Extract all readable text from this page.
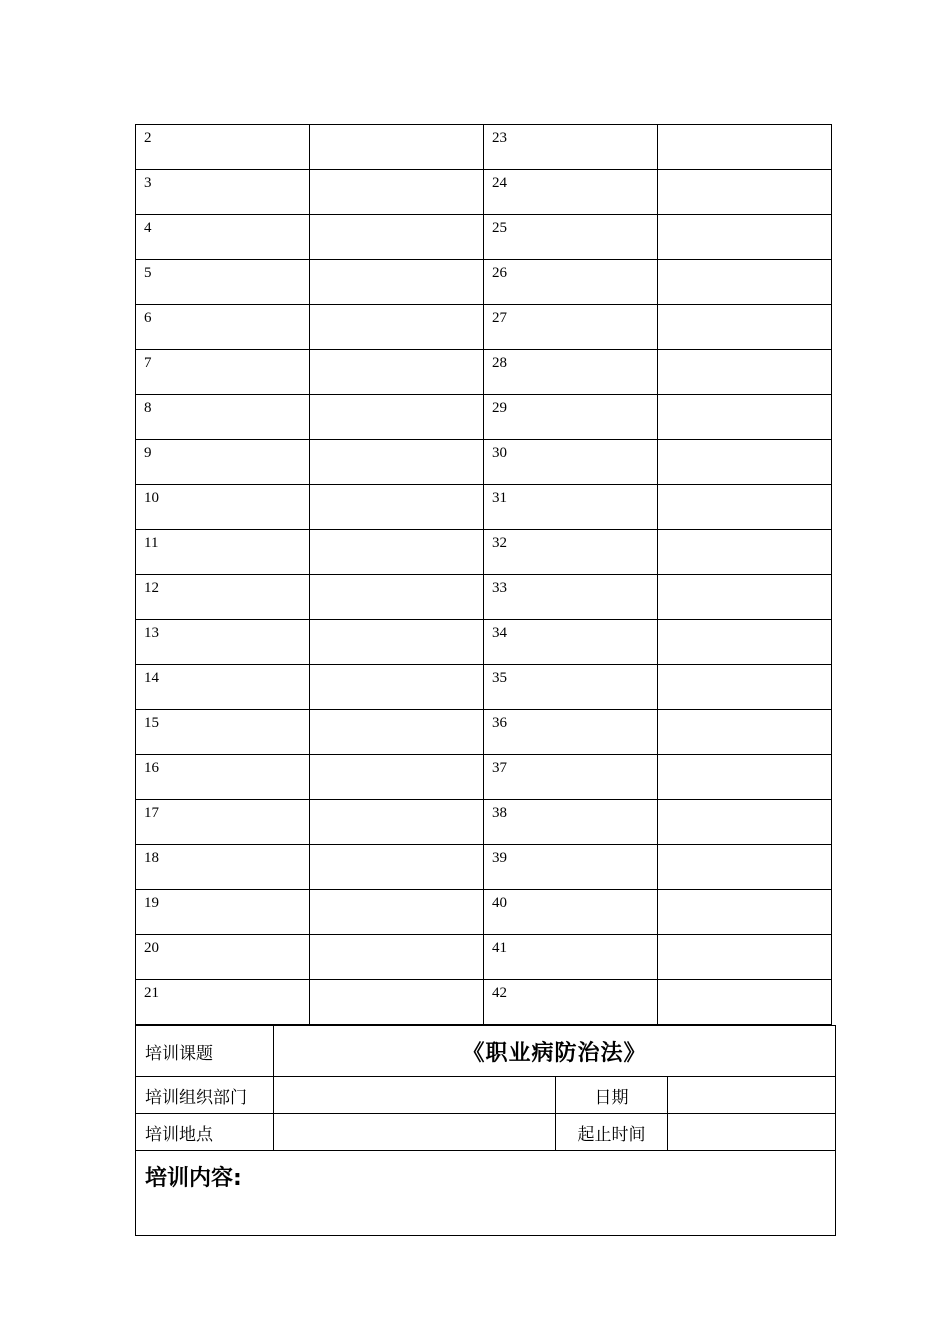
2		23	
3		24	
4		25	
5		26	
6		27	
7		28	
8		29	
9		30	
10		31	
11		32	
12		33	
13		34	
14		35	
15		36	
16		37	
17		38	
18		39	
19		40	
20		41	
21		42	
培训课题	《职业病防治法》		
培训组织部门		日期	
培训地点		起止时间	
培训内容:			
